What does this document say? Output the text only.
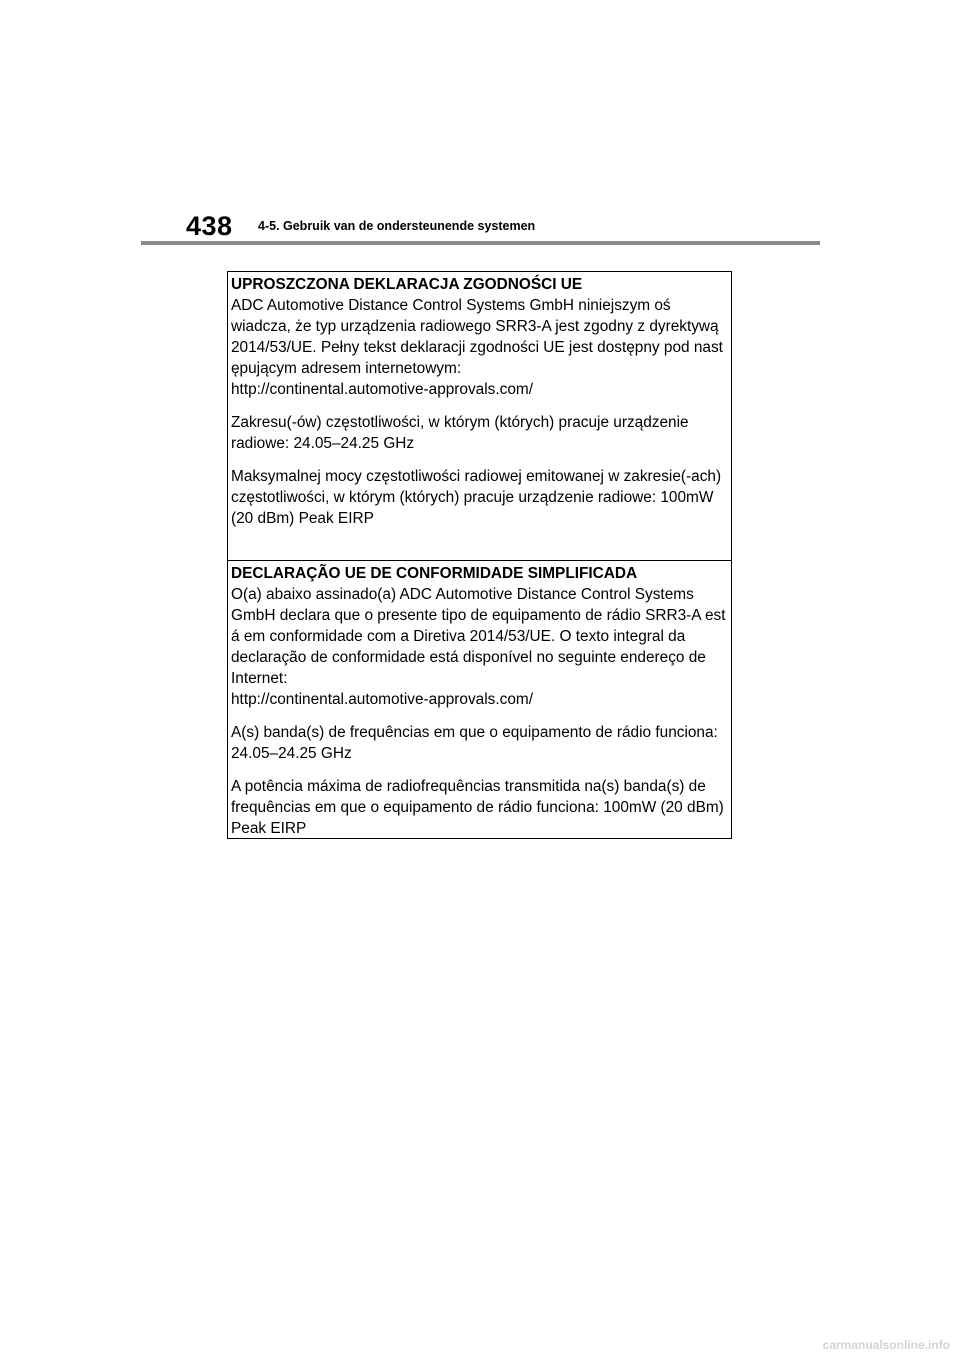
438 4-5. Gebruik van de ondersteunende systemen

UPROSZCZONA DEKLARACJA ZGODNOŚCI UE

ADC Automotive Distance Control Systems GmbH niniejszym oś

wiadcza, że typ urządzenia radiowego SRR3-A jest zgodny z dyrektywą

2014/53/UE. Pełny tekst deklaracji zgodności UE jest dostępny pod nast

ępującym adresem internetowym:

http://continental.automotive-approvals.com/

Zakresu(-ów) częstotliwości, w którym (których) pracuje urządzenie

radiowe: 24.05–24.25 GHz

Maksymalnej mocy częstotliwości radiowej emitowanej w zakresie(-ach)

częstotliwości, w którym (których) pracuje urządzenie radiowe: 100mW

(20 dBm) Peak EIRP

DECLARAÇÃO UE DE CONFORMIDADE SIMPLIFICADA

O(a) abaixo assinado(a) ADC Automotive Distance Control Systems

GmbH declara que o presente tipo de equipamento de rádio SRR3-A est

á em conformidade com a Diretiva 2014/53/UE. O texto integral da

declaração de conformidade está disponível no seguinte endereço de

Internet:

http://continental.automotive-approvals.com/

A(s) banda(s) de frequências em que o equipamento de rádio funciona:

24.05–24.25 GHz

A potência máxima de radiofrequências transmitida na(s) banda(s) de

frequências em que o equipamento de rádio funciona: 100mW (20 dBm)

Peak EIRP

carmanualsonline.info
